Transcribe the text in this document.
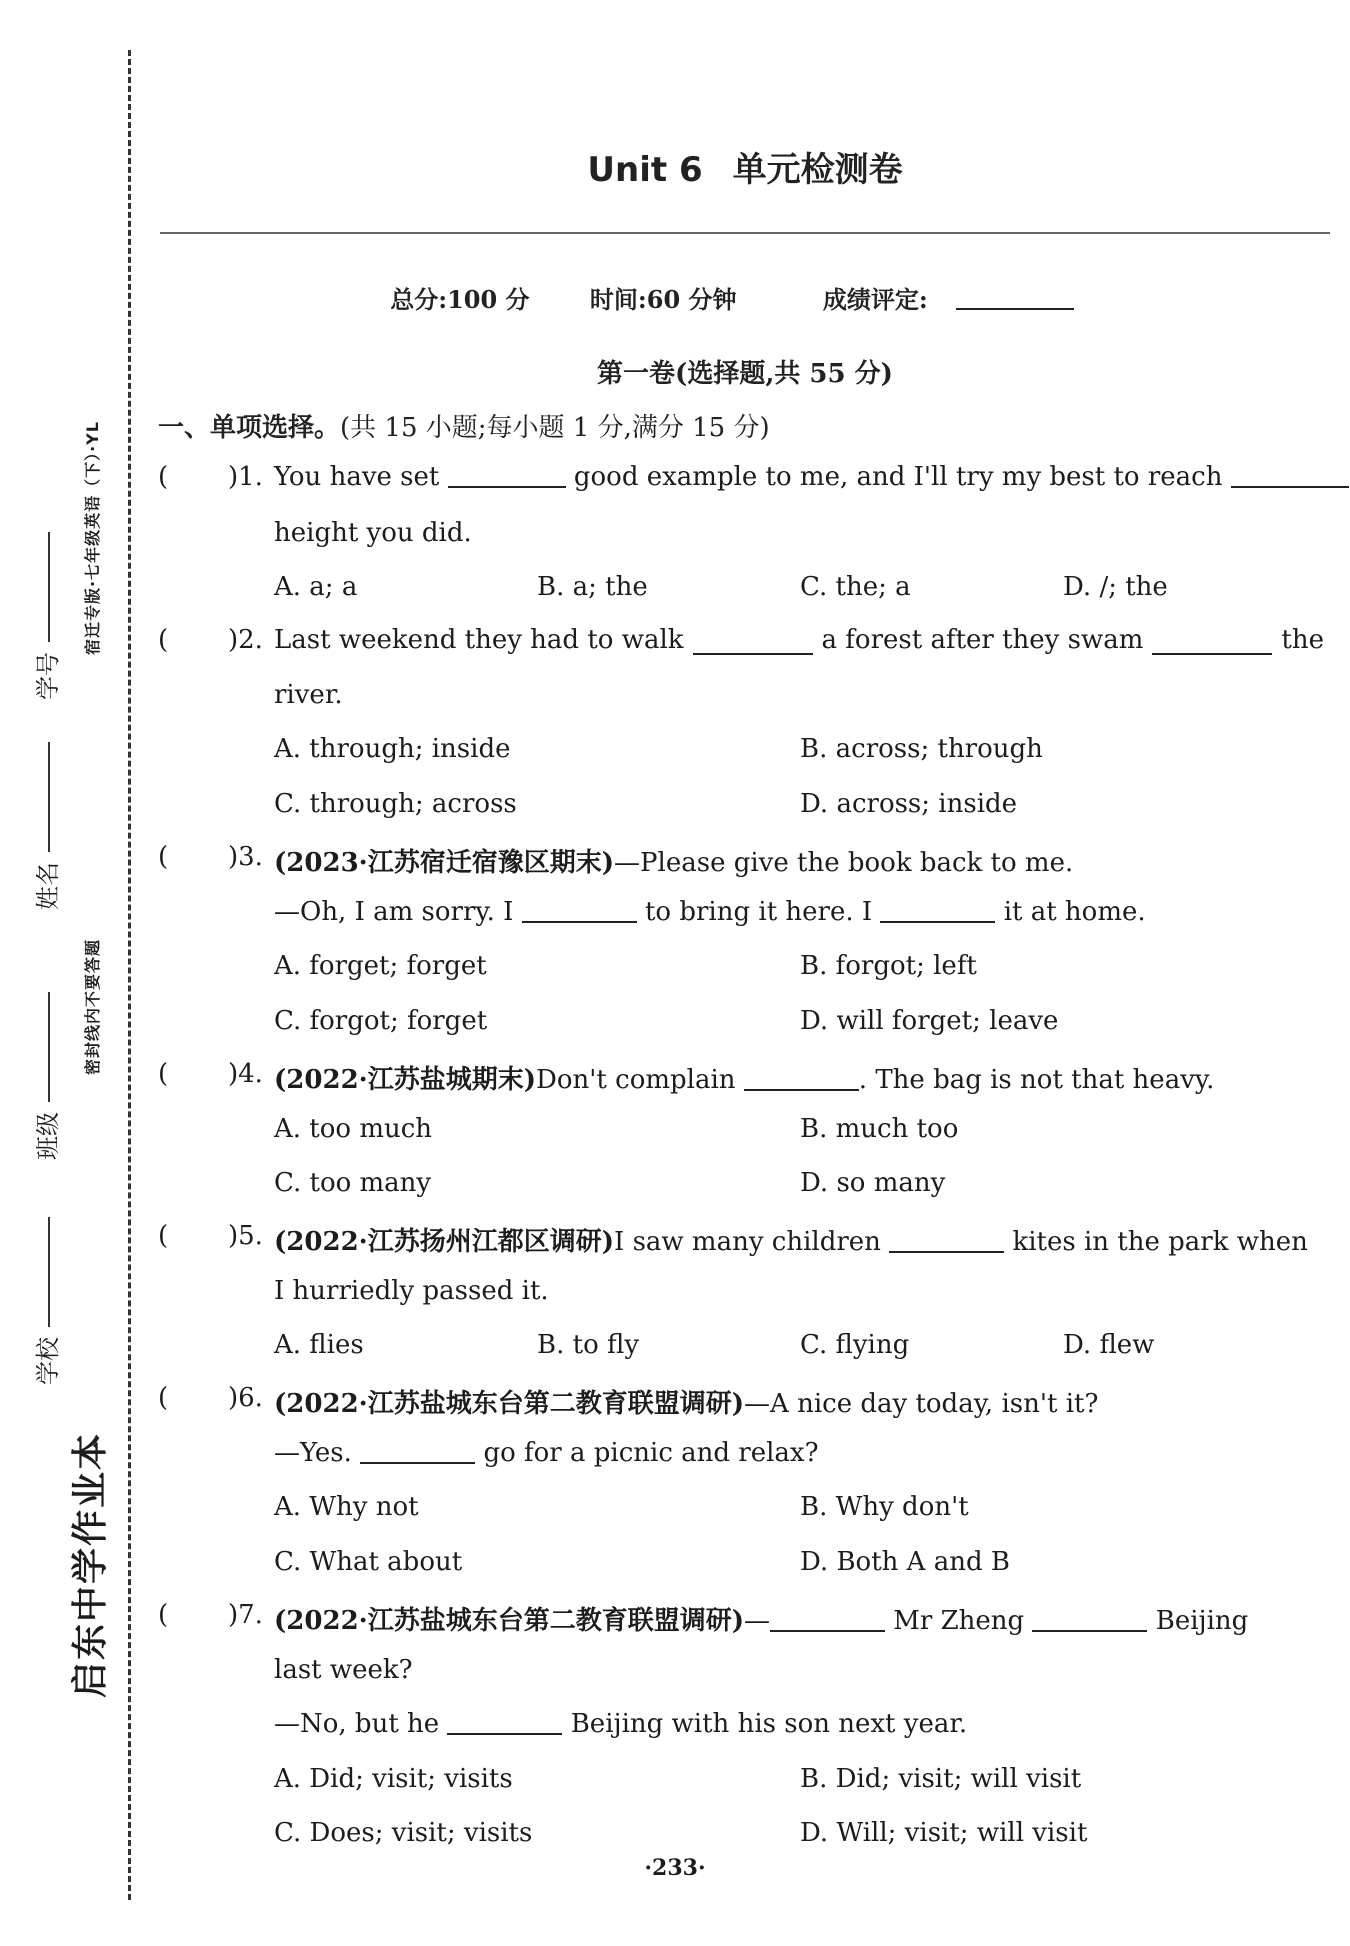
学校
班级
姓名
学号
密封线内不要答题
宿迁专版·七年级英语（下）·YL
启东中学作业本
Unit 6 单元检测卷
总分:100 分	时间:60 分钟	成绩评定:
第一卷(选择题,共 55 分)
一、单项选择。(共 15 小题;每小题 1 分,满分 15 分)
( )1. You have set	good example to me, and I'll try my best to reach
height you did.
A. a; a	B. a; the	C. the; a	D. /; the
( )2. Last weekend they had to walk	a forest after they swam	the
river.
A. through; inside	B. across; through
C. through; across	D. across; inside
( )3. (2023·江苏宿迁宿豫区期末)—Please give the book back to me.
—Oh, I am sorry. I	to bring it here. I	it at home.
A. forget; forget	B. forgot; left
C. forgot; forget	D. will forget; leave
( )4. (2022·江苏盐城期末)Don't complain	. The bag is not that heavy.
A. too much	B. much too
C. too many	D. so many
( )5. (2022·江苏扬州江都区调研)I saw many children	kites in the park when
I hurriedly passed it.
A. flies	B. to fly	C. flying	D. flew
( )6. (2022·江苏盐城东台第二教育联盟调研)—A nice day today, isn't it?
—Yes.	go for a picnic and relax?
A. Why not	B. Why don't
C. What about	D. Both A and B
( )7. (2022·江苏盐城东台第二教育联盟调研)—	Mr Zheng	Beijing
last week?
—No, but he	Beijing with his son next year.
A. Did; visit; visits	B. Did; visit; will visit
C. Does; visit; visits	D. Will; visit; will visit
·233·
